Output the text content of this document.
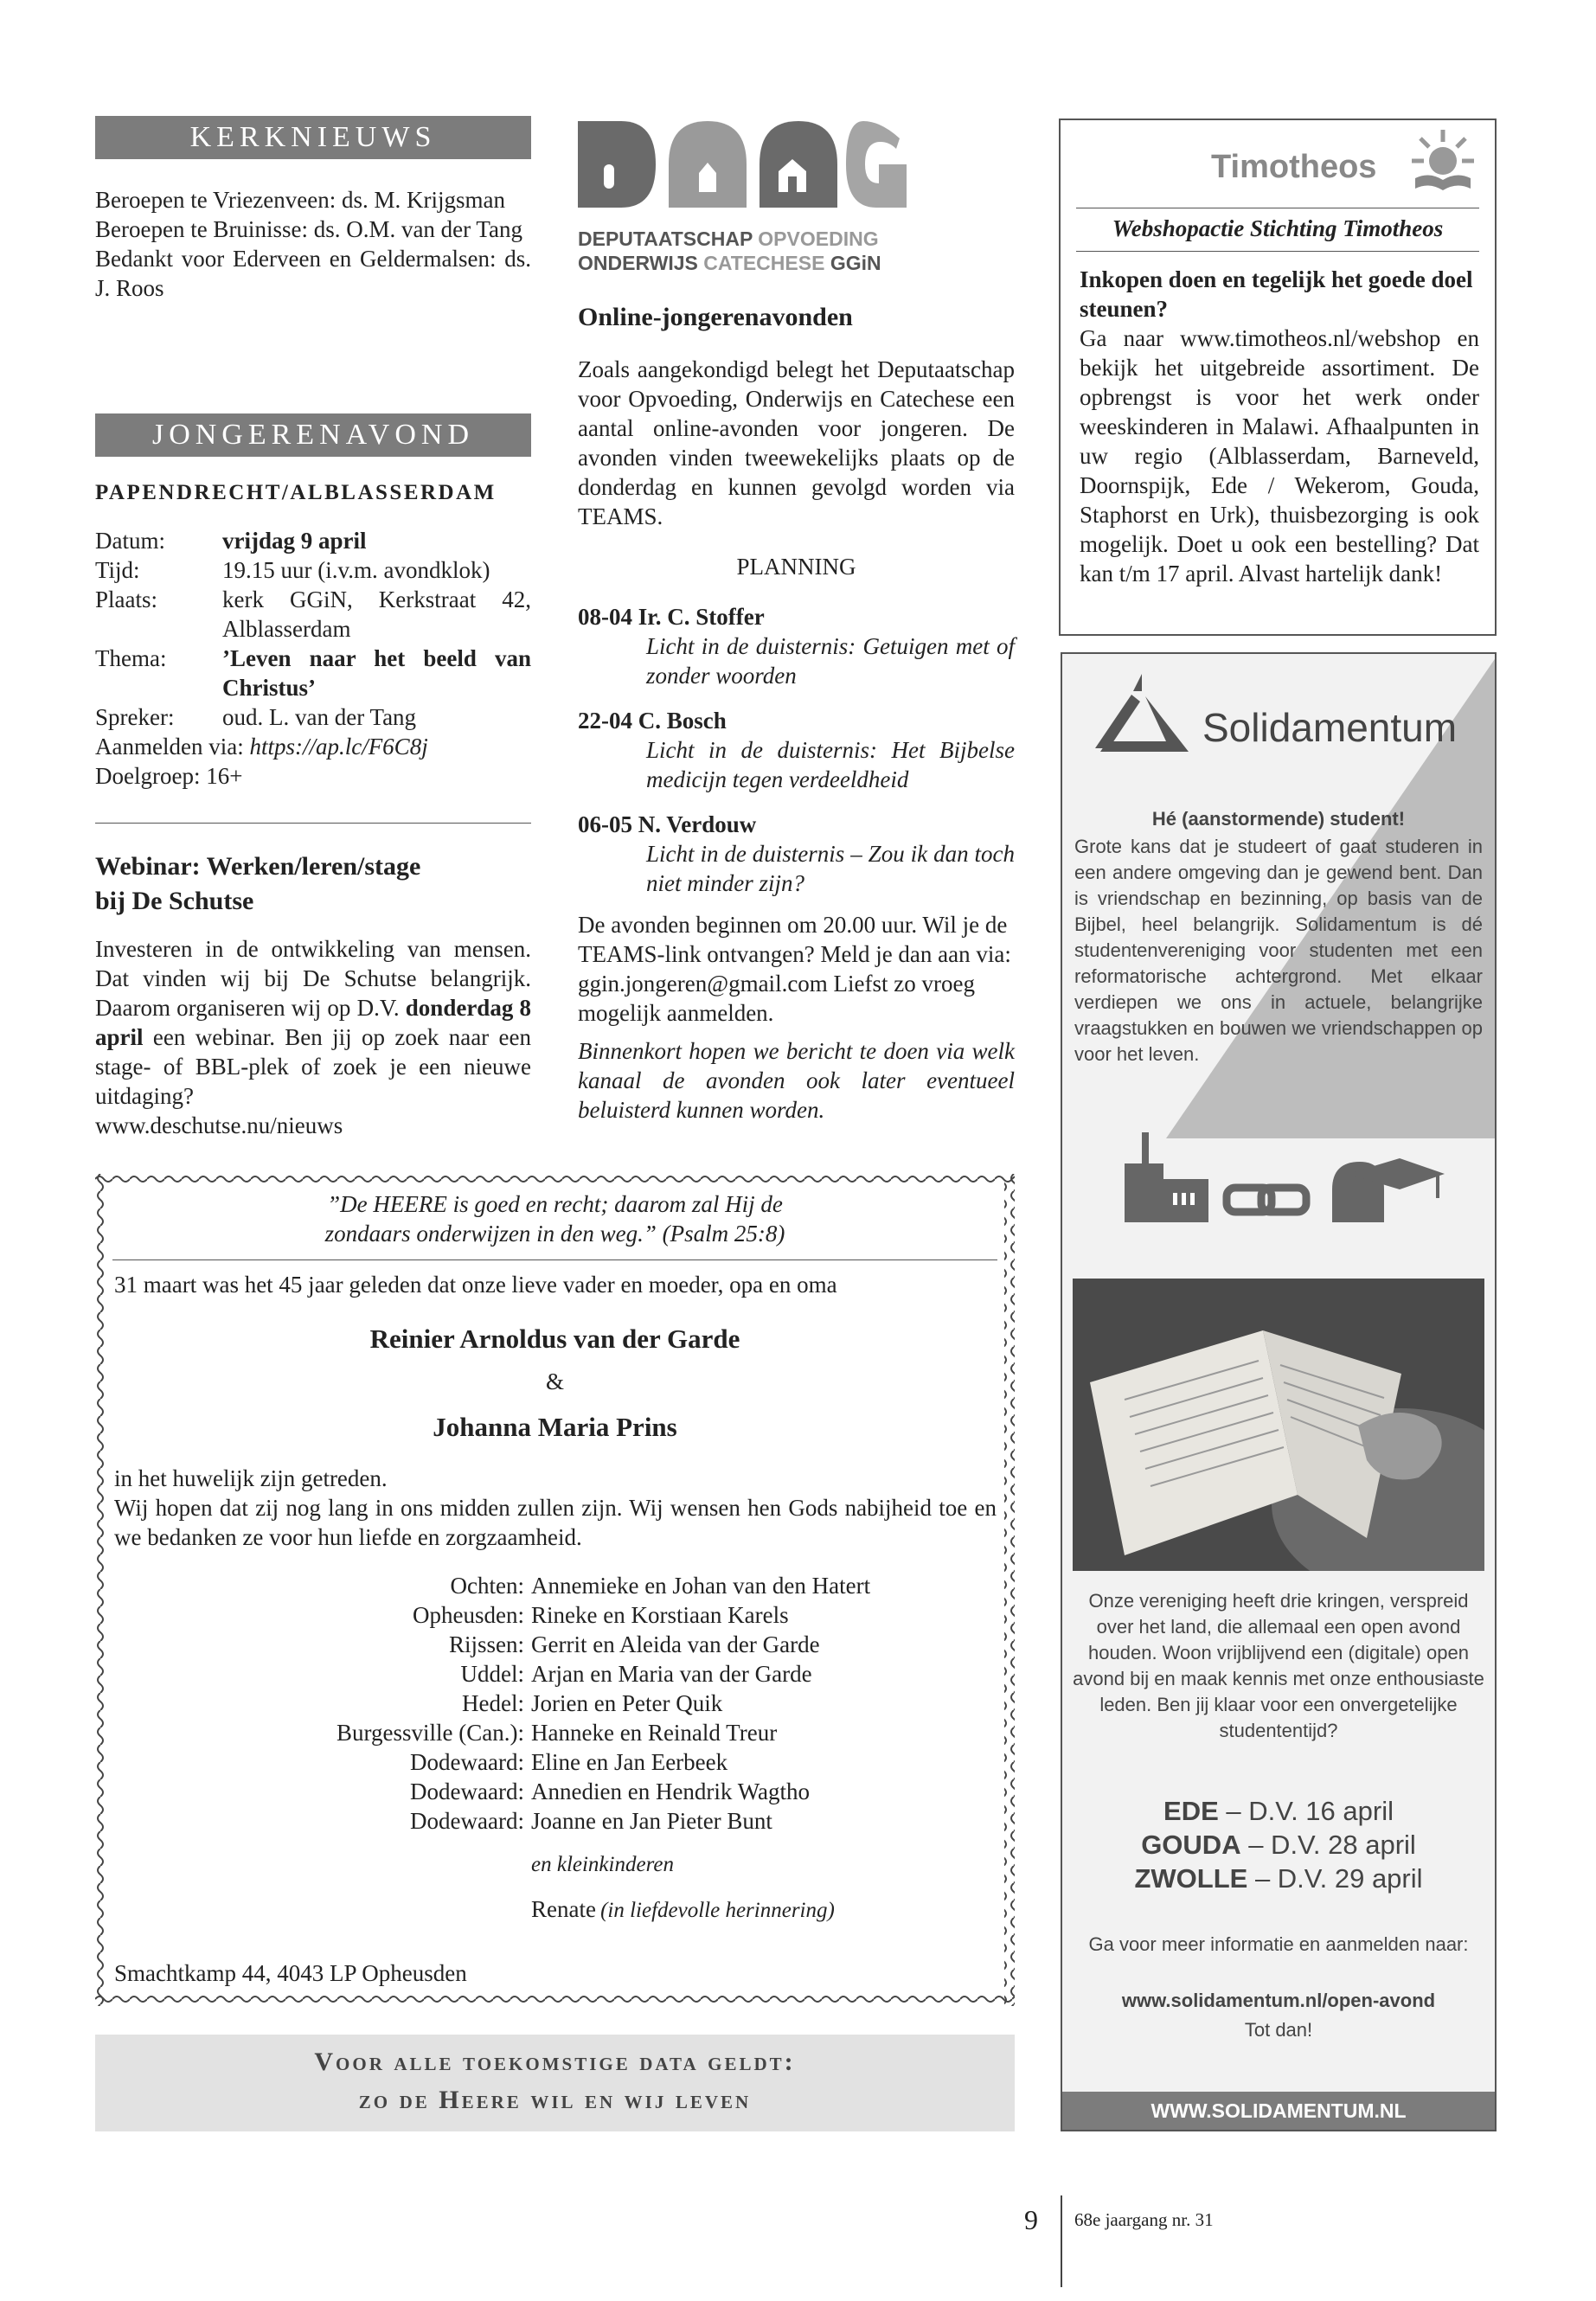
KERKNIEUWS
Beroepen te Vriezenveen: ds. M. Krijgsman
Beroepen te Bruinisse: ds. O.M. van der Tang
Bedankt voor Ederveen en Geldermalsen: ds. J. Roos
JONGERENAVOND
PAPENDRECHT/ALBLASSERDAM
Datum:	vrijdag 9 april
Tijd:	19.15 uur (i.v.m. avondklok)
Plaats:	kerk GGiN, Kerkstraat 42, Alblasserdam
Thema:	’Leven naar het beeld van Christus’
Spreker:	oud. L. van der Tang
Aanmelden via: https://ap.lc/F6C8j
Doelgroep: 16+
Webinar: Werken/leren/stage
bij De Schutse
Investeren in de ontwikkeling van mensen. Dat vinden wij bij De Schutse belangrijk. Daarom organiseren wij op D.V. donderdag 8 april een webinar. Ben jij op zoek naar een stage- of BBL-plek of zoek je een nieuwe uitdaging?
www.deschutse.nu/nieuws
DEPUTAATSCHAP OPVOEDING
ONDERWIJS CATECHESE GGiN
Online-jongerenavonden
Zoals aangekondigd belegt het Deputaatschap voor Opvoeding, Onderwijs en Catechese een aantal online-avonden voor jongeren. De avonden vinden tweewekelijks plaats op de donderdag en kunnen gevolgd worden via TEAMS.
PLANNING
08-04 Ir. C. Stoffer
Licht in de duisternis: Getuigen met of zonder woorden
22-04 C. Bosch
Licht in de duisternis: Het Bijbelse medicijn tegen verdeeldheid
06-05 N. Verdouw
Licht in de duisternis – Zou ik dan toch niet minder zijn?
De avonden beginnen om 20.00 uur. Wil je de TEAMS-link ontvangen? Meld je dan aan via: ggin.jongeren@gmail.com Liefst zo vroeg mogelijk aanmelden.
Binnenkort hopen we bericht te doen via welk kanaal de avonden ook later eventueel beluisterd kunnen worden.
”De HEERE is goed en recht; daarom zal Hij de
zondaars onderwijzen in den weg.” (Psalm 25:8)
31 maart was het 45 jaar geleden dat onze lieve vader en moeder, opa en oma
Reinier Arnoldus van der Garde
&
Johanna Maria Prins
in het huwelijk zijn getreden.
Wij hopen dat zij nog lang in ons midden zullen zijn. Wij wensen hen Gods nabijheid toe en we bedanken ze voor hun liefde en zorgzaamheid.
Ochten: Annemieke en Johan van den Hatert
Opheusden: Rineke en Korstiaan Karels
Rijssen: Gerrit en Aleida van der Garde
Uddel: Arjan en Maria van der Garde
Hedel: Jorien en Peter Quik
Burgessville (Can.): Hanneke en Reinald Treur
Dodewaard: Eline en Jan Eerbeek
Dodewaard: Annedien en Hendrik Wagtho
Dodewaard: Joanne en Jan Pieter Bunt
en kleinkinderen
Renate (in liefdevolle herinnering)
Smachtkamp 44, 4043 LP Opheusden
Voor alle toekomstige data geldt:
zo de Heere wil en wij leven
Timotheos
Webshopactie Stichting Timotheos
Inkopen doen en tegelijk het goede doel steunen?
Ga naar www.timotheos.nl/webshop en bekijk het uitgebreide assortiment. De opbrengst is voor het werk onder weeskinderen in Malawi. Afhaalpunten in uw regio (Alblasserdam, Barneveld, Doornspijk, Ede / Wekerom, Gouda, Staphorst en Urk), thuisbezorging is ook mogelijk. Doet u ook een bestelling? Dat kan t/m 17 april. Alvast hartelijk dank!
Solidamentum
Hé (aanstormende) student!
Grote kans dat je studeert of gaat studeren in een andere omgeving dan je gewend bent. Dan is vriendschap en bezinning, op basis van de Bijbel, heel belangrijk. Solidamentum is dé studentenvereniging voor studenten met een reformatorische achtergrond. Met elkaar verdiepen we ons in actuele, belangrijke vraagstukken en bouwen we vriendschappen op voor het leven.
Onze vereniging heeft drie kringen, verspreid over het land, die allemaal een open avond houden. Woon vrijblijvend een (digitale) open avond bij en maak kennis met onze enthousiaste leden. Ben jij klaar voor een onvergetelijke studententijd?
EDE – D.V. 16 april
GOUDA – D.V. 28 april
ZWOLLE – D.V. 29 april
Ga voor meer informatie en aanmelden naar:
www.solidamentum.nl/open-avond
Tot dan!
WWW.SOLIDAMENTUM.NL
9 68e jaargang nr. 31
